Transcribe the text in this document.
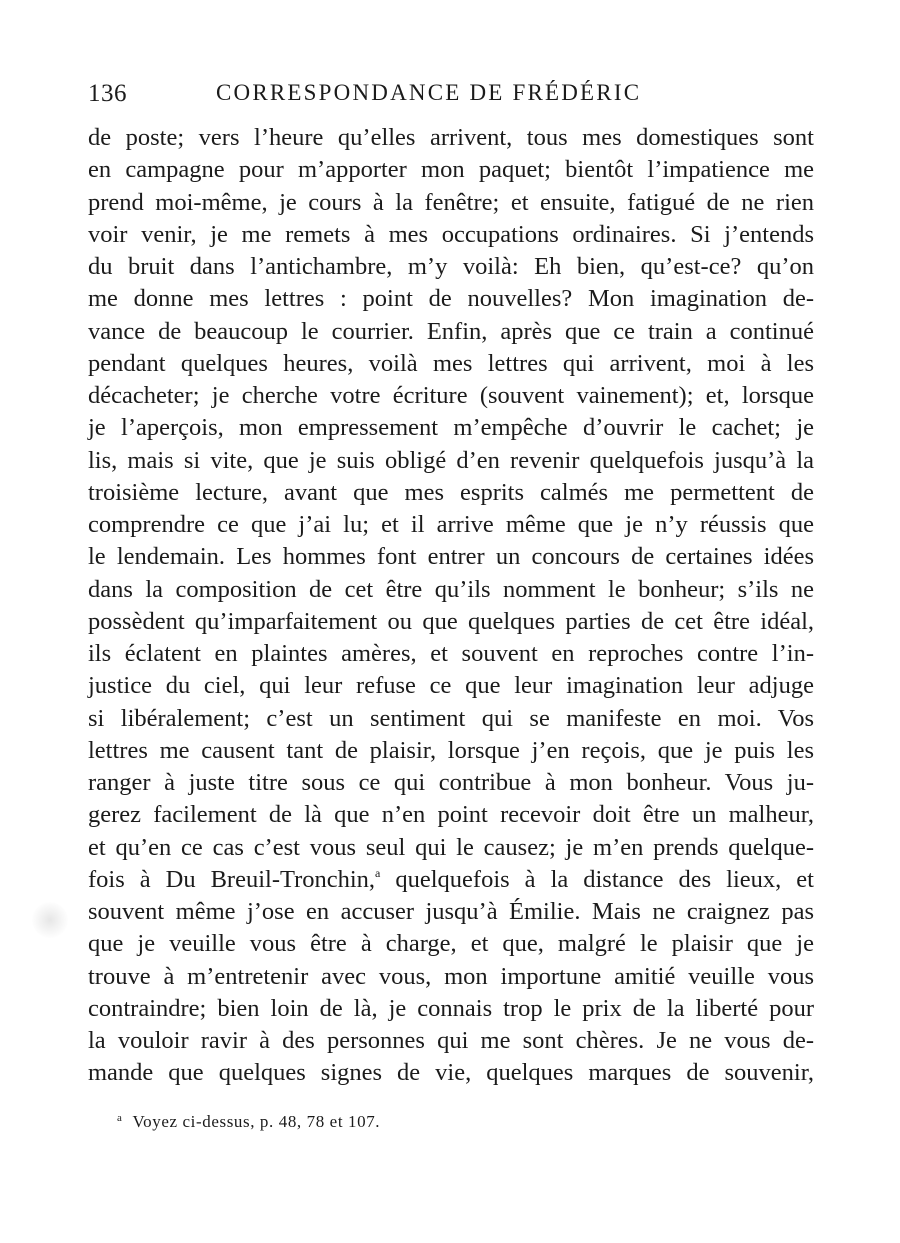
136	CORRESPONDANCE DE FRÉDÉRIC
de poste; vers l’heure qu’elles arrivent, tous mes domestiques sont
en campagne pour m’apporter mon paquet; bientôt l’impatience me
prend moi-même, je cours à la fenêtre; et ensuite, fatigué de ne rien
voir venir, je me remets à mes occupations ordinaires. Si j’entends
du bruit dans l’antichambre, m’y voilà: Eh bien, qu’est-ce? qu’on
me donne mes lettres : point de nouvelles? Mon imagination de-
vance de beaucoup le courrier. Enfin, après que ce train a continué
pendant quelques heures, voilà mes lettres qui arrivent, moi à les
décacheter; je cherche votre écriture (souvent vainement); et, lorsque
je l’aperçois, mon empressement m’empêche d’ouvrir le cachet; je
lis, mais si vite, que je suis obligé d’en revenir quelquefois jusqu’à la
troisième lecture, avant que mes esprits calmés me permettent de
comprendre ce que j’ai lu; et il arrive même que je n’y réussis que
le lendemain. Les hommes font entrer un concours de certaines idées
dans la composition de cet être qu’ils nomment le bonheur; s’ils ne
possèdent qu’imparfaitement ou que quelques parties de cet être idéal,
ils éclatent en plaintes amères, et souvent en reproches contre l’in-
justice du ciel, qui leur refuse ce que leur imagination leur adjuge
si libéralement; c’est un sentiment qui se manifeste en moi. Vos
lettres me causent tant de plaisir, lorsque j’en reçois, que je puis les
ranger à juste titre sous ce qui contribue à mon bonheur. Vous ju-
gerez facilement de là que n’en point recevoir doit être un malheur,
et qu’en ce cas c’est vous seul qui le causez; je m’en prends quelque-
fois à Du Breuil-Tronchin,$^a$ quelquefois à la distance des lieux, et
souvent même j’ose en accuser jusqu’à Émilie. Mais ne craignez pas
que je veuille vous être à charge, et que, malgré le plaisir que je
trouve à m’entretenir avec vous, mon importune amitié veuille vous
contraindre; bien loin de là, je connais trop le prix de la liberté pour
la vouloir ravir à des personnes qui me sont chères. Je ne vous de-
mande que quelques signes de vie, quelques marques de souvenir,
$^a$ Voyez ci-dessus, p. 48, 78 et 107.
